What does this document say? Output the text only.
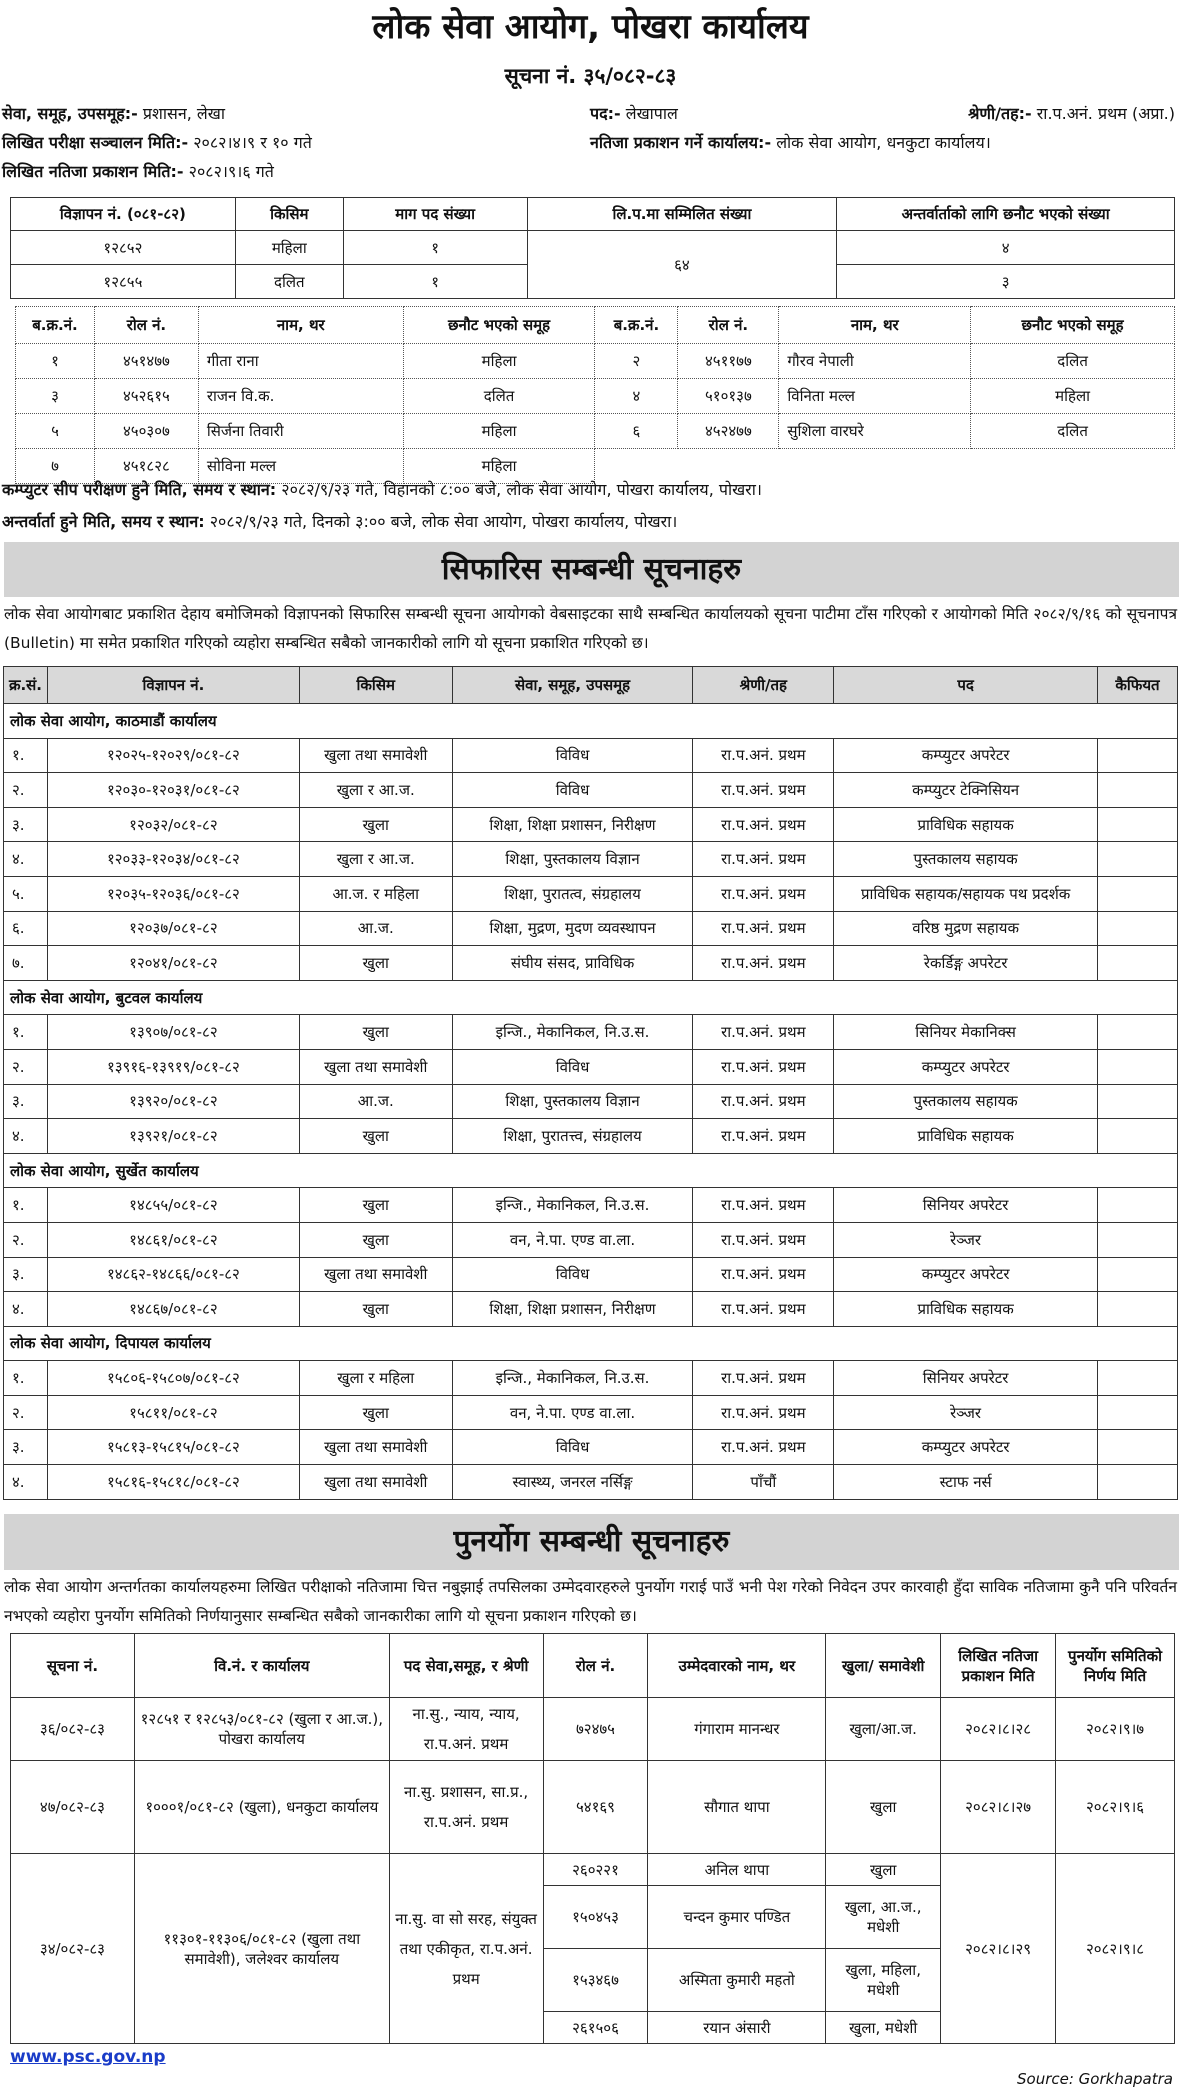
लोक सेवा आयोग, पोखरा कार्यालय
सूचना नं. ३५/०८२-८३
सेवा, समूह, उपसमूह:- प्रशासन, लेखा	पद:- लेखापाल	श्रेणी/तह:- रा.प.अनं. प्रथम (अप्रा.)
लिखित परीक्षा सञ्चालन मिति:- २०८२।४।९ र १० गते	नतिजा प्रकाशन गर्ने कार्यालय:- लोक सेवा आयोग, धनकुटा कार्यालय।
लिखित नतिजा प्रकाशन मिति:- २०८२।९।६ गते
विज्ञापन नं. (०८१-८२)	किसिम	माग पद संख्या	लि.प.मा सम्मिलित संख्या	अन्तर्वार्ताको लागि छनौट भएको संख्या
१२८५२	महिला	१	६४	४
१२८५५	दलित	१		३
ब.क्र.नं.	रोल नं.	नाम, थर	छनौट भएको समूह	ब.क्र.नं.	रोल नं.	नाम, थर	छनौट भएको समूह
१	४५१४७७	गीता राना	महिला	२	४५११७७	गौरव नेपाली	दलित
३	४५२६१५	राजन वि.क.	दलित	४	५१०१३७	विनिता मल्ल	महिला
५	४५०३०७	सिर्जना तिवारी	महिला	६	४५२४७७	सुशिला वारघरे	दलित
७	४५१८२८	सोविना मल्ल	महिला				
कम्प्युटर सीप परीक्षण हुने मिति, समय र स्थान: २०८२/९/२३ गते, विहानको ८:०० बजे, लोक सेवा आयोग, पोखरा कार्यालय, पोखरा।
अन्तर्वार्ता हुने मिति, समय र स्थान: २०८२/९/२३ गते, दिनको ३:०० बजे, लोक सेवा आयोग, पोखरा कार्यालय, पोखरा।
सिफारिस सम्बन्धी सूचनाहरु
लोक सेवा आयोगबाट प्रकाशित देहाय बमोजिमको विज्ञापनको सिफारिस सम्बन्धी सूचना आयोगको वेबसाइटका साथै सम्बन्धित कार्यालयको सूचना पाटीमा टाँस गरिएको र आयोगको मिति २०८२/९/१६ को सूचनापत्र (Bulletin) मा समेत प्रकाशित गरिएको व्यहोरा सम्बन्धित सबैको जानकारीको लागि यो सूचना प्रकाशित गरिएको छ।
क्र.सं.	विज्ञापन नं.	किसिम	सेवा, समूह, उपसमूह	श्रेणी/तह	पद	कैफियत
लोक सेवा आयोग, काठमाडौं कार्यालय						
१.	१२०२५-१२०२९/०८१-८२	खुला तथा समावेशी	विविध	रा.प.अनं. प्रथम	कम्प्युटर अपरेटर	
२.	१२०३०-१२०३१/०८१-८२	खुला र आ.ज.	विविध	रा.प.अनं. प्रथम	कम्प्युटर टेक्निसियन	
३.	१२०३२/०८१-८२	खुला	शिक्षा, शिक्षा प्रशासन, निरीक्षण	रा.प.अनं. प्रथम	प्राविधिक सहायक	
४.	१२०३३-१२०३४/०८१-८२	खुला र आ.ज.	शिक्षा, पुस्तकालय विज्ञान	रा.प.अनं. प्रथम	पुस्तकालय सहायक	
५.	१२०३५-१२०३६/०८१-८२	आ.ज. र महिला	शिक्षा, पुरातत्व, संग्रहालय	रा.प.अनं. प्रथम	प्राविधिक सहायक/सहायक पथ प्रदर्शक	
६.	१२०३७/०८१-८२	आ.ज.	शिक्षा, मुद्रण, मुदण व्यवस्थापन	रा.प.अनं. प्रथम	वरिष्ठ मुद्रण सहायक	
७.	१२०४१/०८१-८२	खुला	संघीय संसद, प्राविधिक	रा.प.अनं. प्रथम	रेकर्डिङ्ग अपरेटर	
लोक सेवा आयोग, बुटवल कार्यालय						
१.	१३९०७/०८१-८२	खुला	इन्जि., मेकानिकल, नि.उ.स.	रा.प.अनं. प्रथम	सिनियर मेकानिक्स	
२.	१३९१६-१३९१९/०८१-८२	खुला तथा समावेशी	विविध	रा.प.अनं. प्रथम	कम्प्युटर अपरेटर	
३.	१३९२०/०८१-८२	आ.ज.	शिक्षा, पुस्तकालय विज्ञान	रा.प.अनं. प्रथम	पुस्तकालय सहायक	
४.	१३९२१/०८१-८२	खुला	शिक्षा, पुरातत्त्व, संग्रहालय	रा.प.अनं. प्रथम	प्राविधिक सहायक	
लोक सेवा आयोग, सुर्खेत कार्यालय						
१.	१४८५५/०८१-८२	खुला	इन्जि., मेकानिकल, नि.उ.स.	रा.प.अनं. प्रथम	सिनियर अपरेटर	
२.	१४८६१/०८१-८२	खुला	वन, ने.पा. एण्ड वा.ला.	रा.प.अनं. प्रथम	रेञ्जर	
३.	१४८६२-१४८६६/०८१-८२	खुला तथा समावेशी	विविध	रा.प.अनं. प्रथम	कम्प्युटर अपरेटर	
४.	१४८६७/०८१-८२	खुला	शिक्षा, शिक्षा प्रशासन, निरीक्षण	रा.प.अनं. प्रथम	प्राविधिक सहायक	
लोक सेवा आयोग, दिपायल कार्यालय						
१.	१५८०६-१५८०७/०८१-८२	खुला र महिला	इन्जि., मेकानिकल, नि.उ.स.	रा.प.अनं. प्रथम	सिनियर अपरेटर	
२.	१५८११/०८१-८२	खुला	वन, ने.पा. एण्ड वा.ला.	रा.प.अनं. प्रथम	रेञ्जर	
३.	१५८१३-१५८१५/०८१-८२	खुला तथा समावेशी	विविध	रा.प.अनं. प्रथम	कम्प्युटर अपरेटर	
४.	१५८१६-१५८१८/०८१-८२	खुला तथा समावेशी	स्वास्थ्य, जनरल नर्सिङ्ग	पाँचौं	स्टाफ नर्स	
पुनर्योग सम्बन्धी सूचनाहरु
लोक सेवा आयोग अन्तर्गतका कार्यालयहरुमा लिखित परीक्षाको नतिजामा चित्त नबुझाई तपसिलका उम्मेदवारहरुले पुनर्योग गराई पाउँ भनी पेश गरेको निवेदन उपर कारवाही हुँदा साविक नतिजामा कुनै पनि परिवर्तन नभएको व्यहोरा पुनर्योग समितिको निर्णयानुसार सम्बन्धित सबैको जानकारीका लागि यो सूचना प्रकाशन गरिएको छ।
सूचना नं.	वि.नं. र कार्यालय	पद सेवा,समूह, र श्रेणी	रोल नं.	उम्मेदवारको नाम, थर	खुला/ समावेशी	लिखित नतिजा प्रकाशन मिति	पुनर्योग समितिको निर्णय मिति
३६/०८२-८३	१२८५१ र १२८५३/०८१-८२ (खुला र आ.ज.), पोखरा कार्यालय	ना.सु., न्याय, न्याय, रा.प.अनं. प्रथम	७२४७५	गंगाराम मानन्धर	खुला/आ.ज.	२०८२।८।२८	२०८२।९।७
४७/०८२-८३	१०००१/०८१-८२ (खुला), धनकुटा कार्यालय	ना.सु. प्रशासन, सा.प्र., रा.प.अनं. प्रथम	५४१६९	सौगात थापा	खुला	२०८२।८।२७	२०८२।९।६
३४/०८२-८३	११३०१-११३०६/०८१-८२ (खुला तथा समावेशी), जलेश्वर कार्यालय	ना.सु. वा सो सरह, संयुक्त तथा एकीकृत, रा.प.अनं. प्रथम	२६०२२१	अनिल थापा	खुला	२०८२।८।२९	२०८२।९।८
			१५०४५३	चन्दन कुमार पण्डित	खुला, आ.ज., मधेशी		
			१५३४६७	अस्मिता कुमारी महतो	खुला, महिला, मधेशी		
			२६१५०६	रयान अंसारी	खुला, मधेशी		
www.psc.gov.np
Source: Gorkhapatra
